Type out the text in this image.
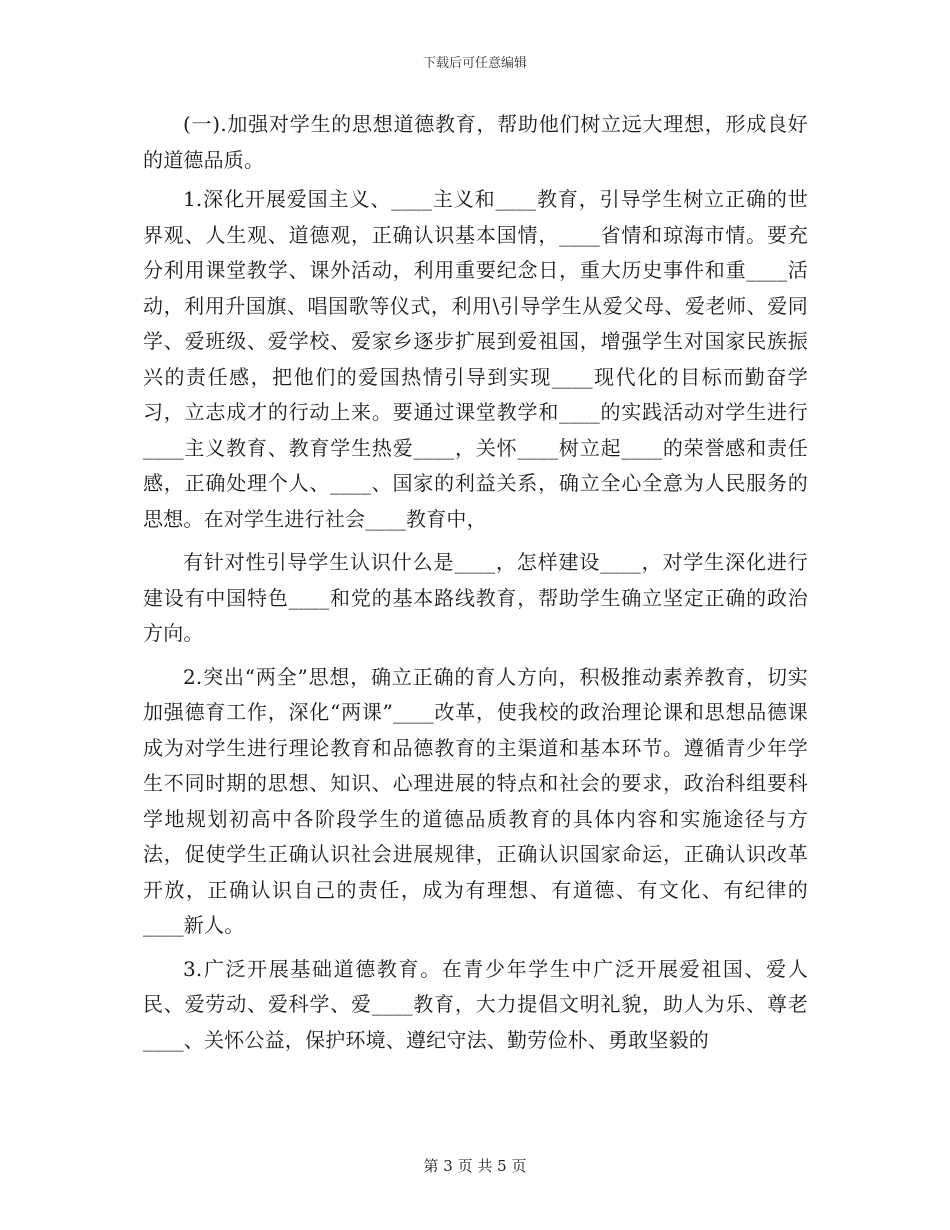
下载后可任意编辑

(一).加强对学生的思想道德教育，帮助他们树立远大理想，形成良好的道德品质。

1.深化开展爱国主义、____主义和____教育，引导学生树立正确的世界观、人生观、道德观，正确认识基本国情，____省情和琼海市情。要充分利用课堂教学、课外活动，利用重要纪念日，重大历史事件和重____活动，利用升国旗、唱国歌等仪式，利用\引导学生从爱父母、爱老师、爱同学、爱班级、爱学校、爱家乡逐步扩展到爱祖国，增强学生对国家民族振兴的责任感，把他们的爱国热情引导到实现____现代化的目标而勤奋学习，立志成才的行动上来。要通过课堂教学和____的实践活动对学生进行____主义教育、教育学生热爱____，关怀____树立起____的荣誉感和责任感，正确处理个人、____、国家的利益关系，确立全心全意为人民服务的思想。在对学生进行社会____教育中，

有针对性引导学生认识什么是____，怎样建设____，对学生深化进行建设有中国特色____和党的基本路线教育，帮助学生确立坚定正确的政治方向。

2.突出“两全”思想，确立正确的育人方向，积极推动素养教育，切实加强德育工作，深化“两课”____改革，使我校的政治理论课和思想品德课成为对学生进行理论教育和品德教育的主渠道和基本环节。遵循青少年学生不同时期的思想、知识、心理进展的特点和社会的要求，政治科组要科学地规划初高中各阶段学生的道德品质教育的具体内容和实施途径与方法，促使学生正确认识社会进展规律，正确认识国家命运，正确认识改革开放，正确认识自己的责任，成为有理想、有道德、有文化、有纪律的____新人。

3.广泛开展基础道德教育。在青少年学生中广泛开展爱祖国、爱人民、爱劳动、爱科学、爱____教育，大力提倡文明礼貌，助人为乐、尊老____、关怀公益，保护环境、遵纪守法、勤劳俭朴、勇敢坚毅的

第 3 页 共 5 页
